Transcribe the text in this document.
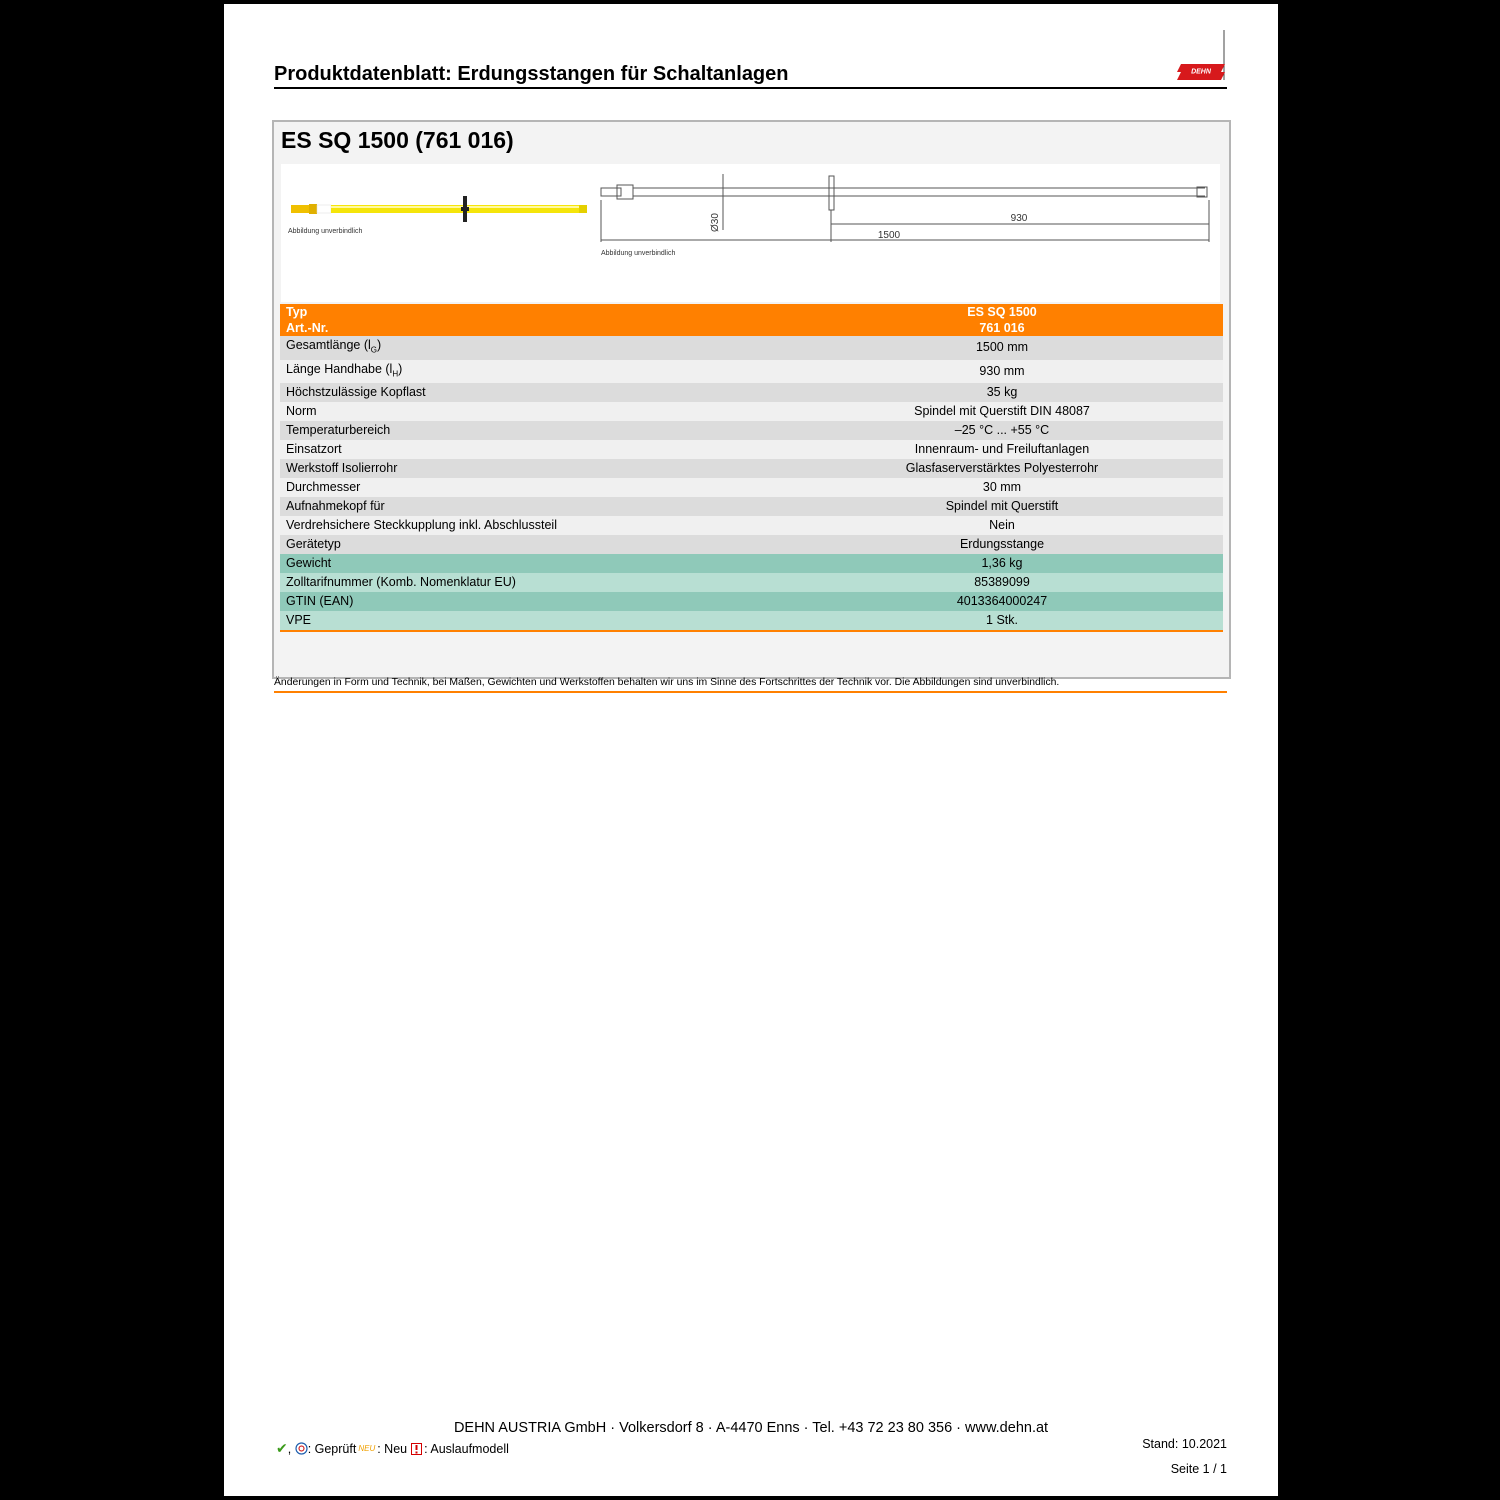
Produktdatenblatt: Erdungsstangen für Schaltanlagen	DEHN
ES SQ 1500 (761 016)
Abbildung unverbindlich	Ø30	930
1500
Abbildung unverbindlich
Typ	ES SQ 1500
Art.-Nr.	761 016
Gesamtlänge $(l_G)$	1500 mm
Länge Handhabe $(l_H)$	930 mm
Höchstzulässige Kopflast	35 kg
Norm	Spindel mit Querstift DIN 48087
Temperaturbereich	–25 °C ... +55 °C
Einsatzort	Innenraum- und Freiluftanlagen
Werkstoff Isolierrohr	Glasfaserverstärktes Polyesterrohr
Durchmesser	30 mm
Aufnahmekopf für	Spindel mit Querstift
Verdrehsichere Steckkupplung inkl. Abschlussteil	Nein
Gerätetyp	Erdungsstange
Gewicht	1,36 kg
Zolltarifnummer (Komb. Nomenklatur EU)	85389099
GTIN (EAN)	4013364000247
VPE	1 Stk.
Änderungen in Form und Technik, bei Maßen, Gewichten und Werkstoffen behalten wir uns im Sinne des Fortschrittes der Technik vor. Die Abbildungen sind unverbindlich.
DEHN AUSTRIA GmbH · Volkersdorf 8 · A-4470 Enns · Tel. +43 72 23 80 356 · www.dehn.at
✔ , : Geprüft NEU : Neu : Auslaufmodell	Stand: 10.2021
Seite 1 / 1
